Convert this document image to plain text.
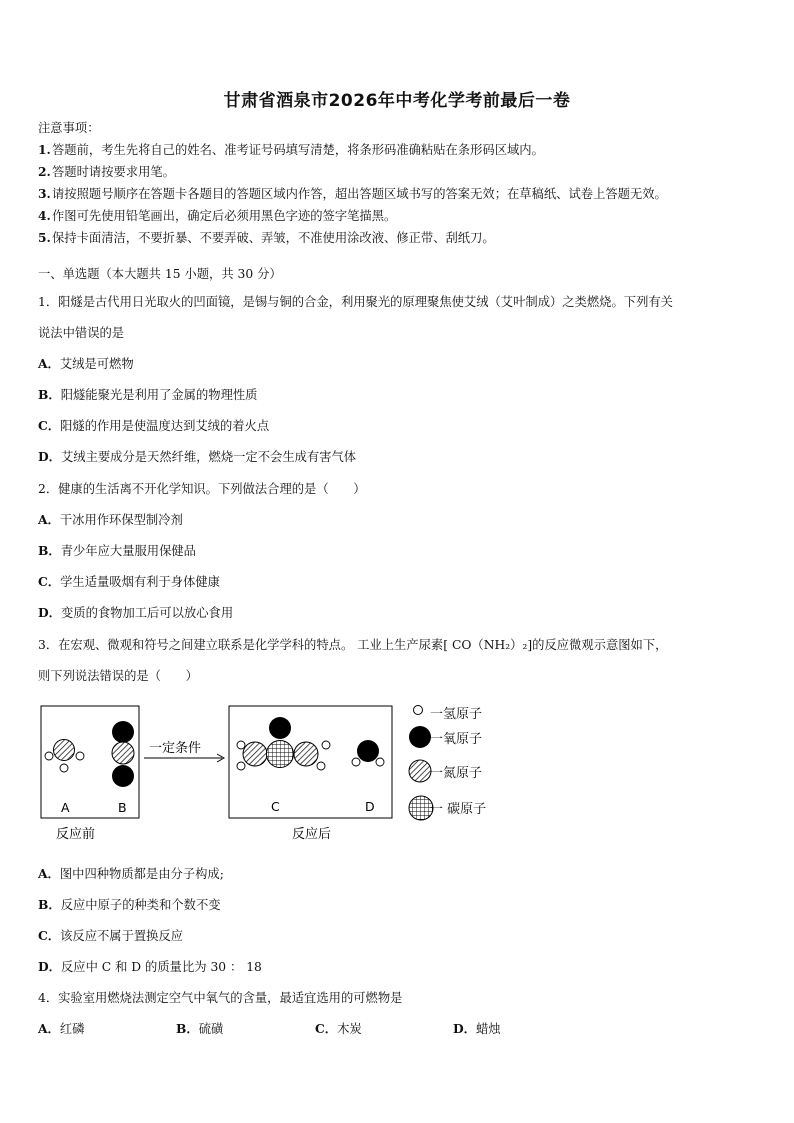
甘肃省酒泉市2026年中考化学考前最后一卷
注意事项：
1.答题前，考生先将自己的姓名、准考证号码填写清楚，将条形码准确粘贴在条形码区域内。
2.答题时请按要求用笔。
3.请按照题号顺序在答题卡各题目的答题区域内作答，超出答题区域书写的答案无效；在草稿纸、试卷上答题无效。
4.作图可先使用铅笔画出，确定后必须用黑色字迹的签字笔描黑。
5.保持卡面清洁，不要折暴、不要弄破、弄皱，不准使用涂改液、修正带、刮纸刀。
一、单选题（本大题共 15 小题，共 30 分）
1．阳燧是古代用日光取火的凹面镜，是锡与铜的合金，利用聚光的原理聚焦使艾绒（艾叶制成）之类燃烧。下列有关
说法中错误的是
A．艾绒是可燃物
B．阳燧能聚光是利用了金属的物理性质
C．阳燧的作用是使温度达到艾绒的着火点
D．艾绒主要成分是天然纤维，燃烧一定不会生成有害气体
2．健康的生活离不开化学知识。下列做法合理的是（　　）
A．干冰用作环保型制冷剂
B．青少年应大量服用保健品
C．学生适量吸烟有利于身体健康
D．变质的食物加工后可以放心食用
3．在宏观、微观和符号之间建立联系是化学学科的特点。 工业上生产尿素[ CO（NH₂）₂]的反应微观示意图如下，
则下列说法错误的是（　　）
A	B
反应前
一定条件
C	D
反应后
一氢原子
一氧原子
一氮原子
一 碳原子
A．图中四种物质都是由分子构成;
B．反应中原子的种类和个数不变
C．该反应不属于置换反应
D．反应中 C 和 D 的质量比为 30 ： 18
4．实验室用燃烧法测定空气中氧气的含量，最适宜选用的可燃物是
A．红磷	B．硫磺	C．木炭	D．蜡烛
